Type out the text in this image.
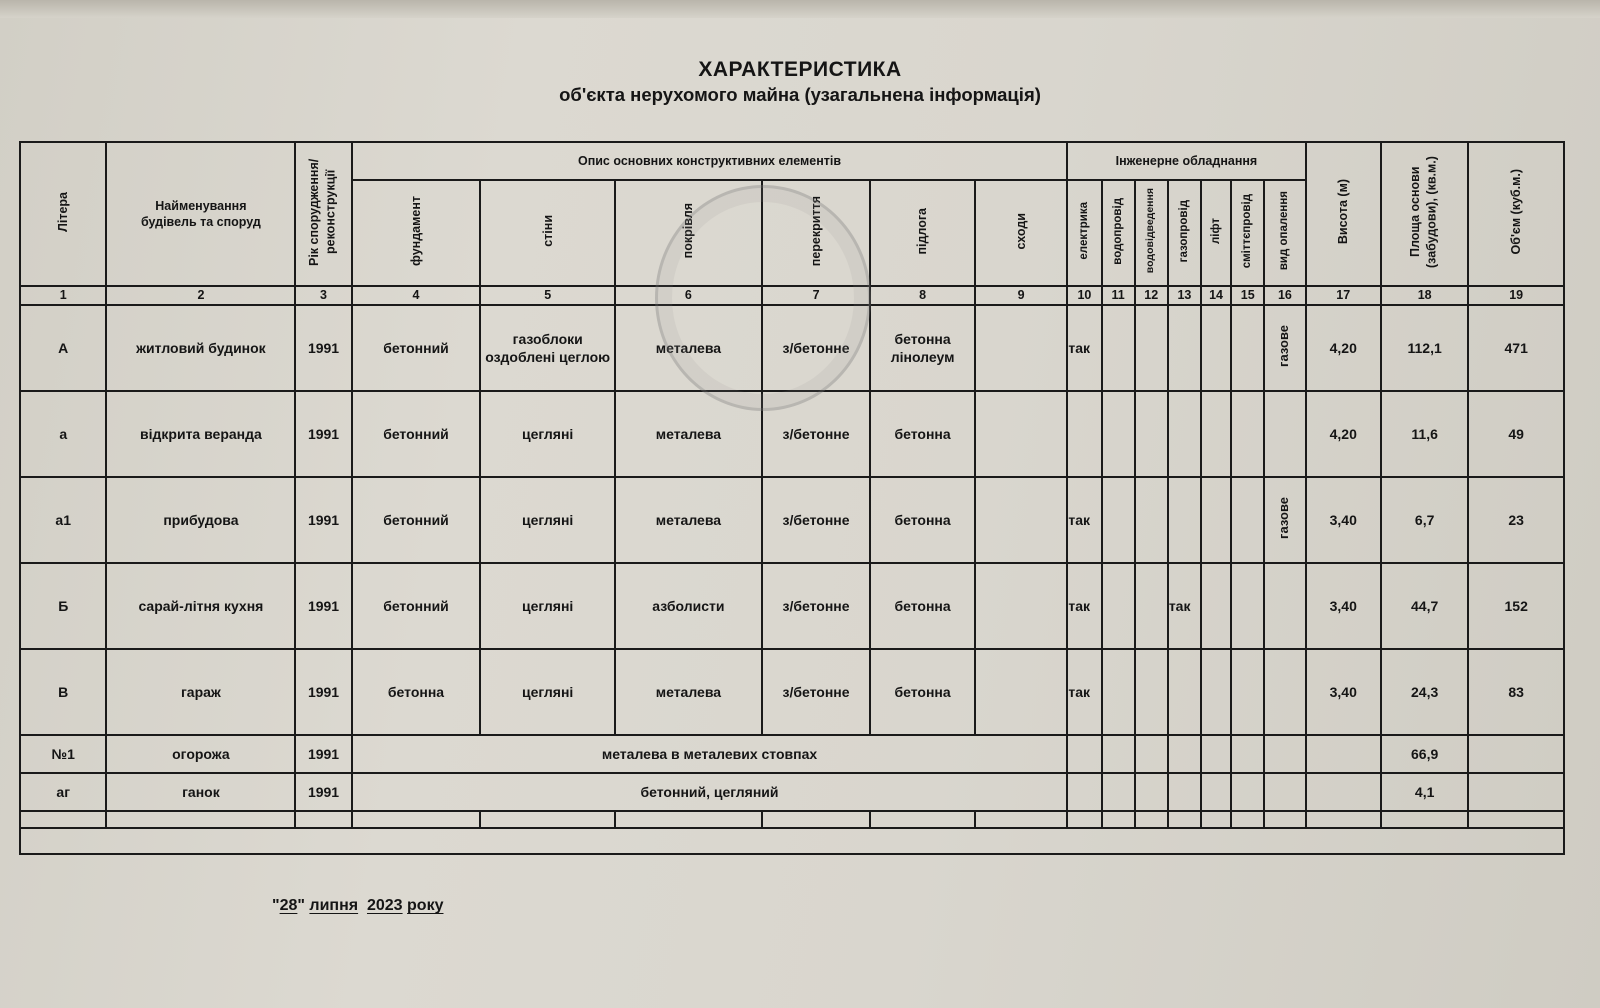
ХАРАКТЕРИСТИКА
об'єкта нерухомого майна (узагальнена інформація)
Літера	Найменування будівель та споруд	Рік спорудження/ реконструкції	Опис основних конструктивних елементів						Інженерне обладнання							Висота (м)	Площа основи (забудови), (кв.м.)	Об'єм (куб.м.)
			фундамент	стіни	покрівля	перекриття	підлога	сходи	електрика	водопровід	водовідведення	газопровід	ліфт	сміттєпровід	вид опалення			
1	2	3	4	5	6	7	8	9	10	11	12	13	14	15	16	17	18	19
А	житловий будинок	1991	бетонний	газоблоки оздоблені цеглою	металева	з/бетонне	бетонна лінолеум		так						газове	4,20	112,1	471
а	відкрита веранда	1991	бетонний	цегляні	металева	з/бетонне	бетонна									4,20	11,6	49
а1	прибудова	1991	бетонний	цегляні	металева	з/бетонне	бетонна		так						газове	3,40	6,7	23
Б	сарай-літня кухня	1991	бетонний	цегляні	азболисти	з/бетонне	бетонна		так			так				3,40	44,7	152
В	гараж	1991	бетонна	цегляні	металева	з/бетонне	бетонна		так							3,40	24,3	83
№1	огорожа	1991	металева в металевих стовпах														66,9	
аг	ганок	1991	бетонний, цегляний														4,1	

"28" липня 2023 року
